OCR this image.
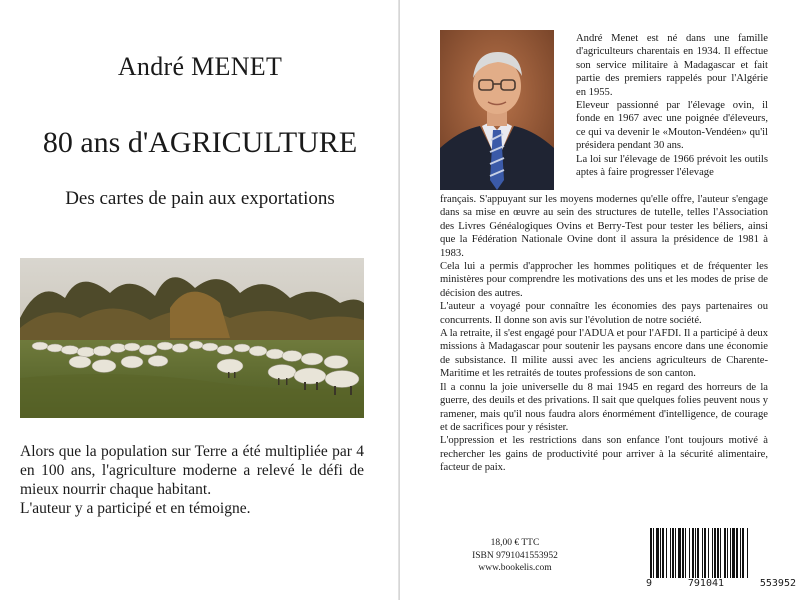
André MENET
80 ans d'AGRICULTURE
Des cartes de pain aux exportations

Alors que la population sur Terre a été multipliée par 4 en 100 ans, l'agriculture moderne a relevé le défi de mieux nourrir chaque habitant.

L'auteur y a participé et en témoigne.

André Menet est né dans une famille d'agriculteurs charentais en 1934. Il effectue son service militaire à Madagascar et fait partie des premiers rappelés pour l'Algérie en 1955.

Eleveur passionné par l'élevage ovin, il fonde en 1967 avec une poignée d'éleveurs, ce qui va devenir le «Mouton-Vendéen» qu'il présidera pendant 30 ans.

La loi sur l'élevage de 1966 prévoit les outils aptes à faire progresser l'élevage

français. S'appuyant sur les moyens modernes qu'elle offre, l'auteur s'engage dans sa mise en œuvre au sein des structures de tutelle, telles l'Association des Livres Généalogiques Ovins et Berry-Test pour tester les béliers, ainsi que la Fédération Nationale Ovine dont il assura la présidence de 1981 à 1983.

Cela lui a permis d'approcher les hommes politiques et de fréquenter les ministères pour comprendre les motivations des uns et les modes de prise de décision des autres.

L'auteur a voyagé pour connaître les économies des pays partenaires ou concurrents. Il donne son avis sur l'évolution de notre société.

A la retraite, il s'est engagé pour l'ADUA et pour l'AFDI. Il a participé à deux missions à Madagascar pour soutenir les paysans encore dans une économie de subsistance. Il milite aussi avec les anciens agriculteurs de Charente-Maritime et les retraités de toutes professions de son canton.

Il a connu la joie universelle du 8 mai 1945 en regard des horreurs de la guerre, des deuils et des privations. Il sait que quelques folies peuvent nous y ramener, mais qu'il nous faudra alors énormément d'intelligence, de courage et de sacrifices pour y résister.

L'oppression et les restrictions dans son enfance l'ont toujours motivé à rechercher les gains de productivité pour arriver à la sécurité alimentaire, facteur de paix.

18,00 € TTC
ISBN 9791041553952
www.bookelis.com
9	791041	553952
